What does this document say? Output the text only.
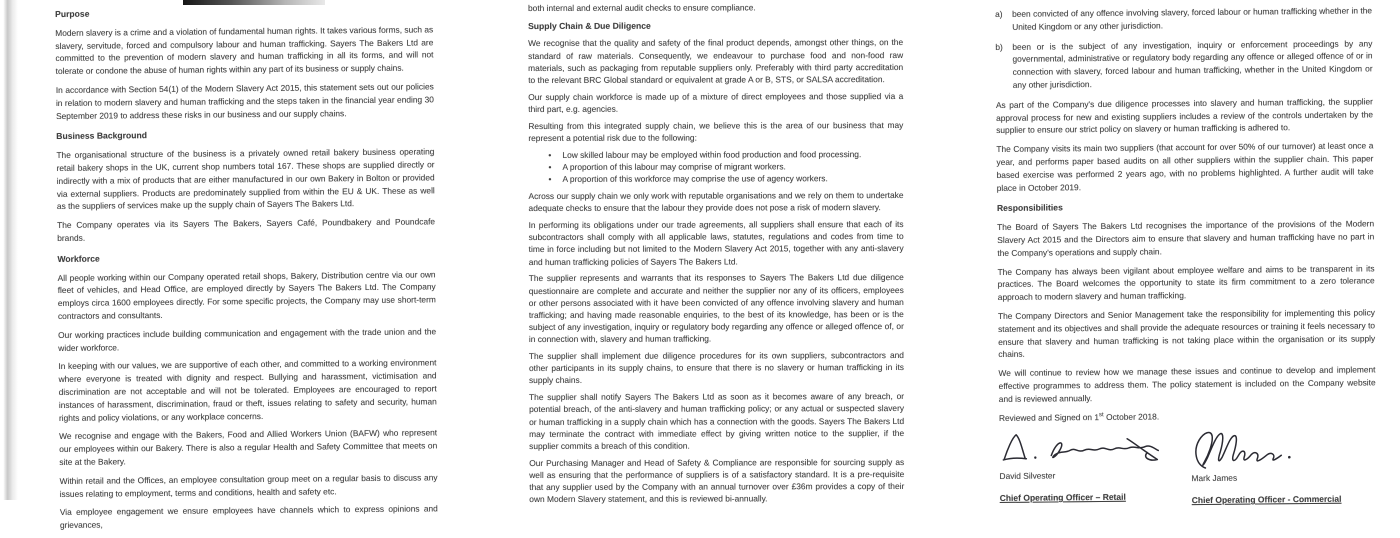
Purpose

Modern slavery is a crime and a violation of fundamental human rights. It takes various forms, such as slavery, servitude, forced and compulsory labour and human trafficking. Sayers The Bakers Ltd are committed to the prevention of modern slavery and human trafficking in all its forms, and will not tolerate or condone the abuse of human rights within any part of its business or supply chains.

In accordance with Section 54(1) of the Modern Slavery Act 2015, this statement sets out our policies in relation to modern slavery and human trafficking and the steps taken in the financial year ending 30 September 2019 to address these risks in our business and our supply chains.

Business Background

The organisational structure of the business is a privately owned retail bakery business operating retail bakery shops in the UK, current shop numbers total 167. These shops are supplied directly or indirectly with a mix of products that are either manufactured in our own Bakery in Bolton or provided via external suppliers. Products are predominately supplied from within the EU & UK. These as well as the suppliers of services make up the supply chain of Sayers The Bakers Ltd.

The Company operates via its Sayers The Bakers, Sayers Café, Poundbakery and Poundcafe brands.

Workforce

All people working within our Company operated retail shops, Bakery, Distribution centre via our own fleet of vehicles, and Head Office, are employed directly by Sayers The Bakers Ltd. The Company employs circa 1600 employees directly. For some specific projects, the Company may use short-term contractors and consultants.

Our working practices include building communication and engagement with the trade union and the wider workforce.

In keeping with our values, we are supportive of each other, and committed to a working environment where everyone is treated with dignity and respect. Bullying and harassment, victimisation and discrimination are not acceptable and will not be tolerated. Employees are encouraged to report instances of harassment, discrimination, fraud or theft, issues relating to safety and security, human rights and policy violations, or any workplace concerns.

We recognise and engage with the Bakers, Food and Allied Workers Union (BAFW) who represent our employees within our Bakery. There is also a regular Health and Safety Committee that meets on site at the Bakery.

Within retail and the Offices, an employee consultation group meet on a regular basis to discuss any issues relating to employment, terms and conditions, health and safety etc.

Via employee engagement we ensure employees have channels which to express opinions and grievances,

both internal and external audit checks to ensure compliance.

Supply Chain & Due Diligence

We recognise that the quality and safety of the final product depends, amongst other things, on the standard of raw materials. Consequently, we endeavour to purchase food and non-food raw materials, such as packaging from reputable suppliers only. Preferably with third party accreditation to the relevant BRC Global standard or equivalent at grade A or B, STS, or SALSA accreditation.

Our supply chain workforce is made up of a mixture of direct employees and those supplied via a third part, e.g. agencies.

Resulting from this integrated supply chain, we believe this is the area of our business that may represent a potential risk due to the following:

• Low skilled labour may be employed within food production and food processing.
• A proportion of this labour may comprise of migrant workers.
• A proportion of this workforce may comprise the use of agency workers.

Across our supply chain we only work with reputable organisations and we rely on them to undertake adequate checks to ensure that the labour they provide does not pose a risk of modern slavery.

In performing its obligations under our trade agreements, all suppliers shall ensure that each of its subcontractors shall comply with all applicable laws, statutes, regulations and codes from time to time in force including but not limited to the Modern Slavery Act 2015, together with any anti-slavery and human trafficking policies of Sayers The Bakers Ltd.

The supplier represents and warrants that its responses to Sayers The Bakers Ltd due diligence questionnaire are complete and accurate and neither the supplier nor any of its officers, employees or other persons associated with it have been convicted of any offence involving slavery and human trafficking; and having made reasonable enquiries, to the best of its knowledge, has been or is the subject of any investigation, inquiry or regulatory body regarding any offence or alleged offence of, or in connection with, slavery and human trafficking.

The supplier shall implement due diligence procedures for its own suppliers, subcontractors and other participants in its supply chains, to ensure that there is no slavery or human trafficking in its supply chains.

The supplier shall notify Sayers The Bakers Ltd as soon as it becomes aware of any breach, or potential breach, of the anti-slavery and human trafficking policy; or any actual or suspected slavery or human trafficking in a supply chain which has a connection with the goods. Sayers The Bakers Ltd may terminate the contract with immediate effect by giving written notice to the supplier, if the supplier commits a breach of this condition.

Our Purchasing Manager and Head of Safety & Compliance are responsible for sourcing supply as well as ensuring that the performance of suppliers is of a satisfactory standard. It is a pre-requisite that any supplier used by the Company with an annual turnover over £36m provides a copy of their own Modern Slavery statement, and this is reviewed bi-annually.

a)	been convicted of any offence involving slavery, forced labour or human trafficking whether in the United Kingdom or any other jurisdiction.
b)	been or is the subject of any investigation, inquiry or enforcement proceedings by any governmental, administrative or regulatory body regarding any offence or alleged offence of or in connection with slavery, forced labour and human trafficking, whether in the United Kingdom or any other jurisdiction.

As part of the Company's due diligence processes into slavery and human trafficking, the supplier approval process for new and existing suppliers includes a review of the controls undertaken by the supplier to ensure our strict policy on slavery or human trafficking is adhered to.

The Company visits its main two suppliers (that account for over 50% of our turnover) at least once a year, and performs paper based audits on all other suppliers within the supplier chain. This paper based exercise was performed 2 years ago, with no problems highlighted. A further audit will take place in October 2019.

Responsibilities

The Board of Sayers The Bakers Ltd recognises the importance of the provisions of the Modern Slavery Act 2015 and the Directors aim to ensure that slavery and human trafficking have no part in the Company's operations and supply chain.

The Company has always been vigilant about employee welfare and aims to be transparent in its practices. The Board welcomes the opportunity to state its firm commitment to a zero tolerance approach to modern slavery and human trafficking.

The Company Directors and Senior Management take the responsibility for implementing this policy statement and its objectives and shall provide the adequate resources or training it feels necessary to ensure that slavery and human trafficking is not taking place within the organisation or its supply chains.

We will continue to review how we manage these issues and continue to develop and implement effective programmes to address them. The policy statement is included on the Company website and is reviewed annually.

Reviewed and Signed on 1st October 2018.

David Silvester
Chief Operating Officer – Retail
Mark James
Chief Operating Officer - Commercial
